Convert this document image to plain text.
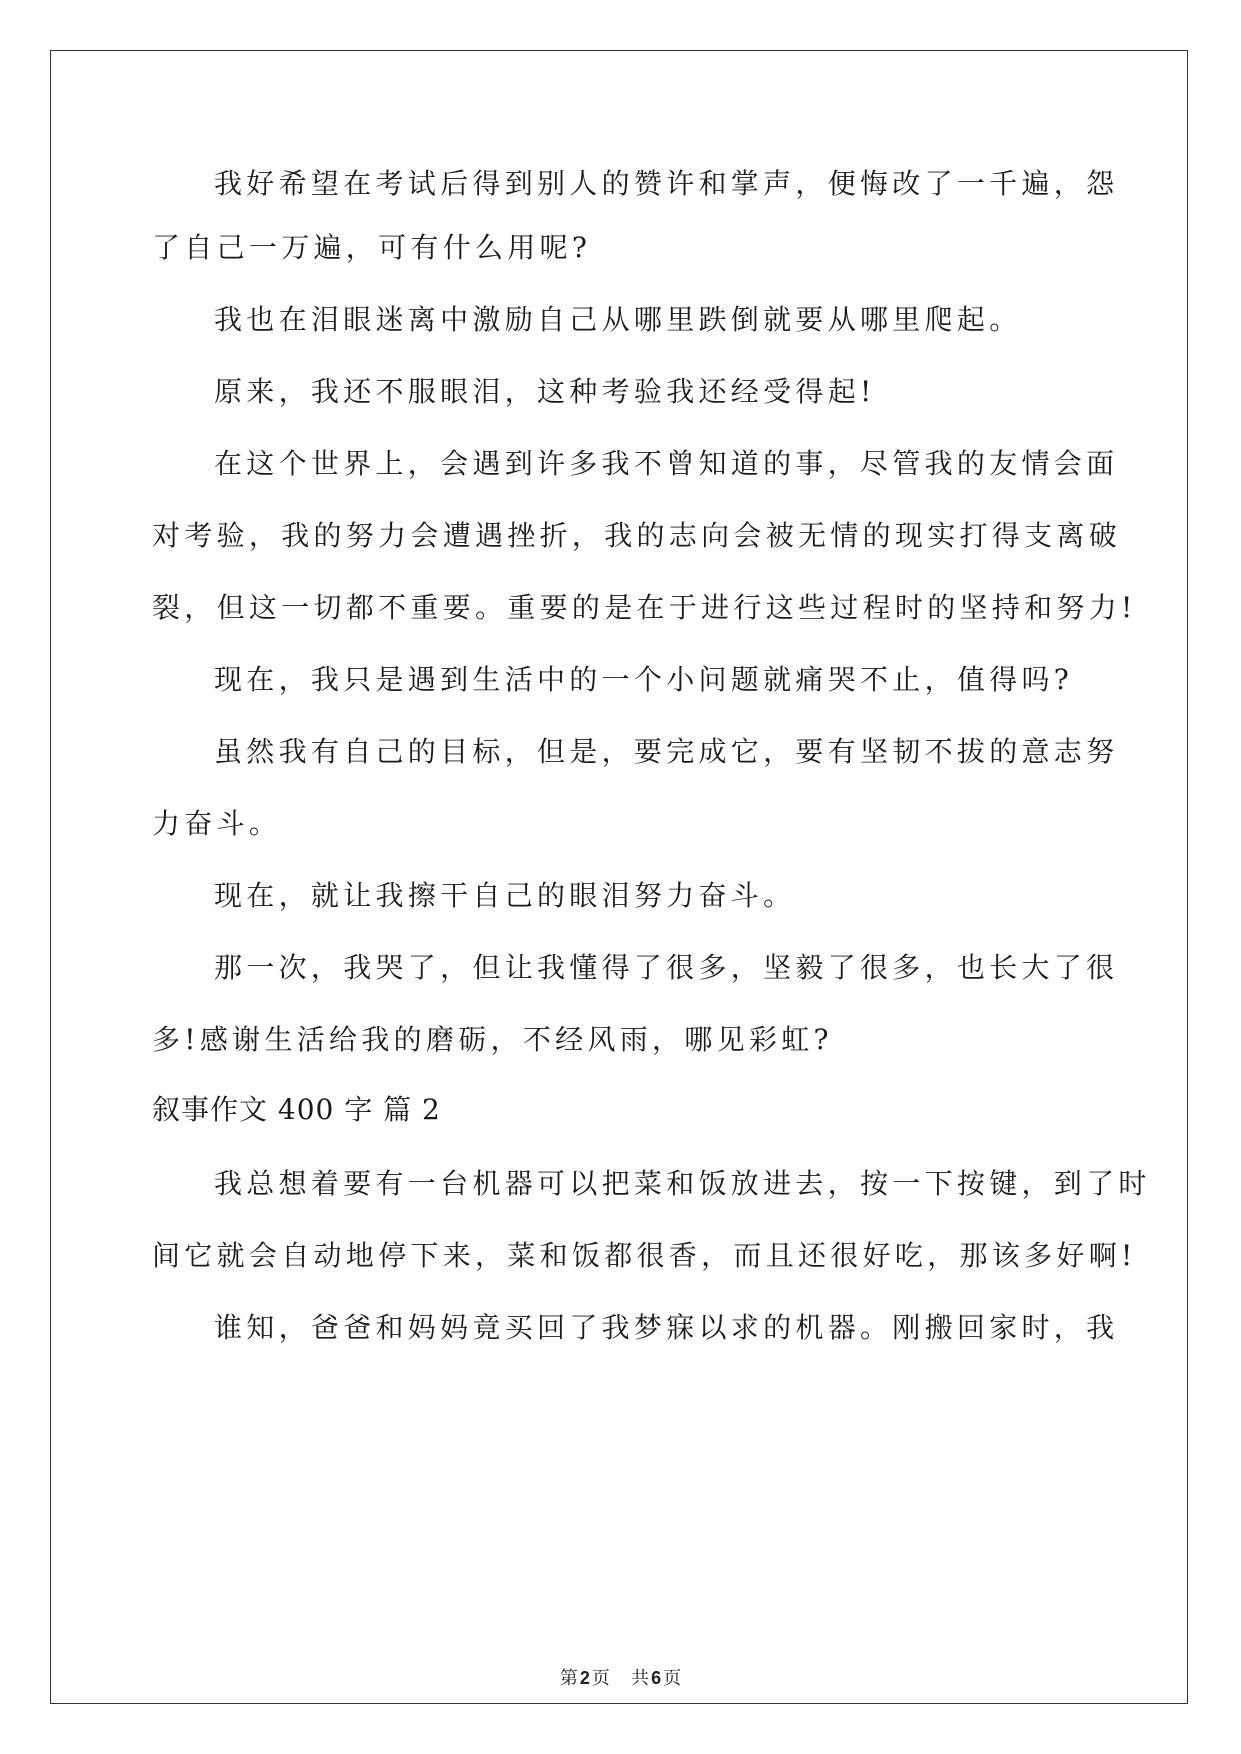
我好希望在考试后得到别人的赞许和掌声，便悔改了一千遍，怨
了自己一万遍，可有什么用呢?
我也在泪眼迷离中激励自己从哪里跌倒就要从哪里爬起。
原来，我还不服眼泪，这种考验我还经受得起!
在这个世界上，会遇到许多我不曾知道的事，尽管我的友情会面
对考验，我的努力会遭遇挫折，我的志向会被无情的现实打得支离破
裂，但这一切都不重要。重要的是在于进行这些过程时的坚持和努力!
现在，我只是遇到生活中的一个小问题就痛哭不止，值得吗?
虽然我有自己的目标，但是，要完成它，要有坚韧不拔的意志努
力奋斗。
现在，就让我擦干自己的眼泪努力奋斗。
那一次，我哭了，但让我懂得了很多，坚毅了很多，也长大了很
多!感谢生活给我的磨砺，不经风雨，哪见彩虹?
叙事作文 400 字 篇 2
我总想着要有一台机器可以把菜和饭放进去，按一下按键，到了时
间它就会自动地停下来，菜和饭都很香，而且还很好吃，那该多好啊!
谁知，爸爸和妈妈竟买回了我梦寐以求的机器。刚搬回家时，我
第 2 页 共 6 页
